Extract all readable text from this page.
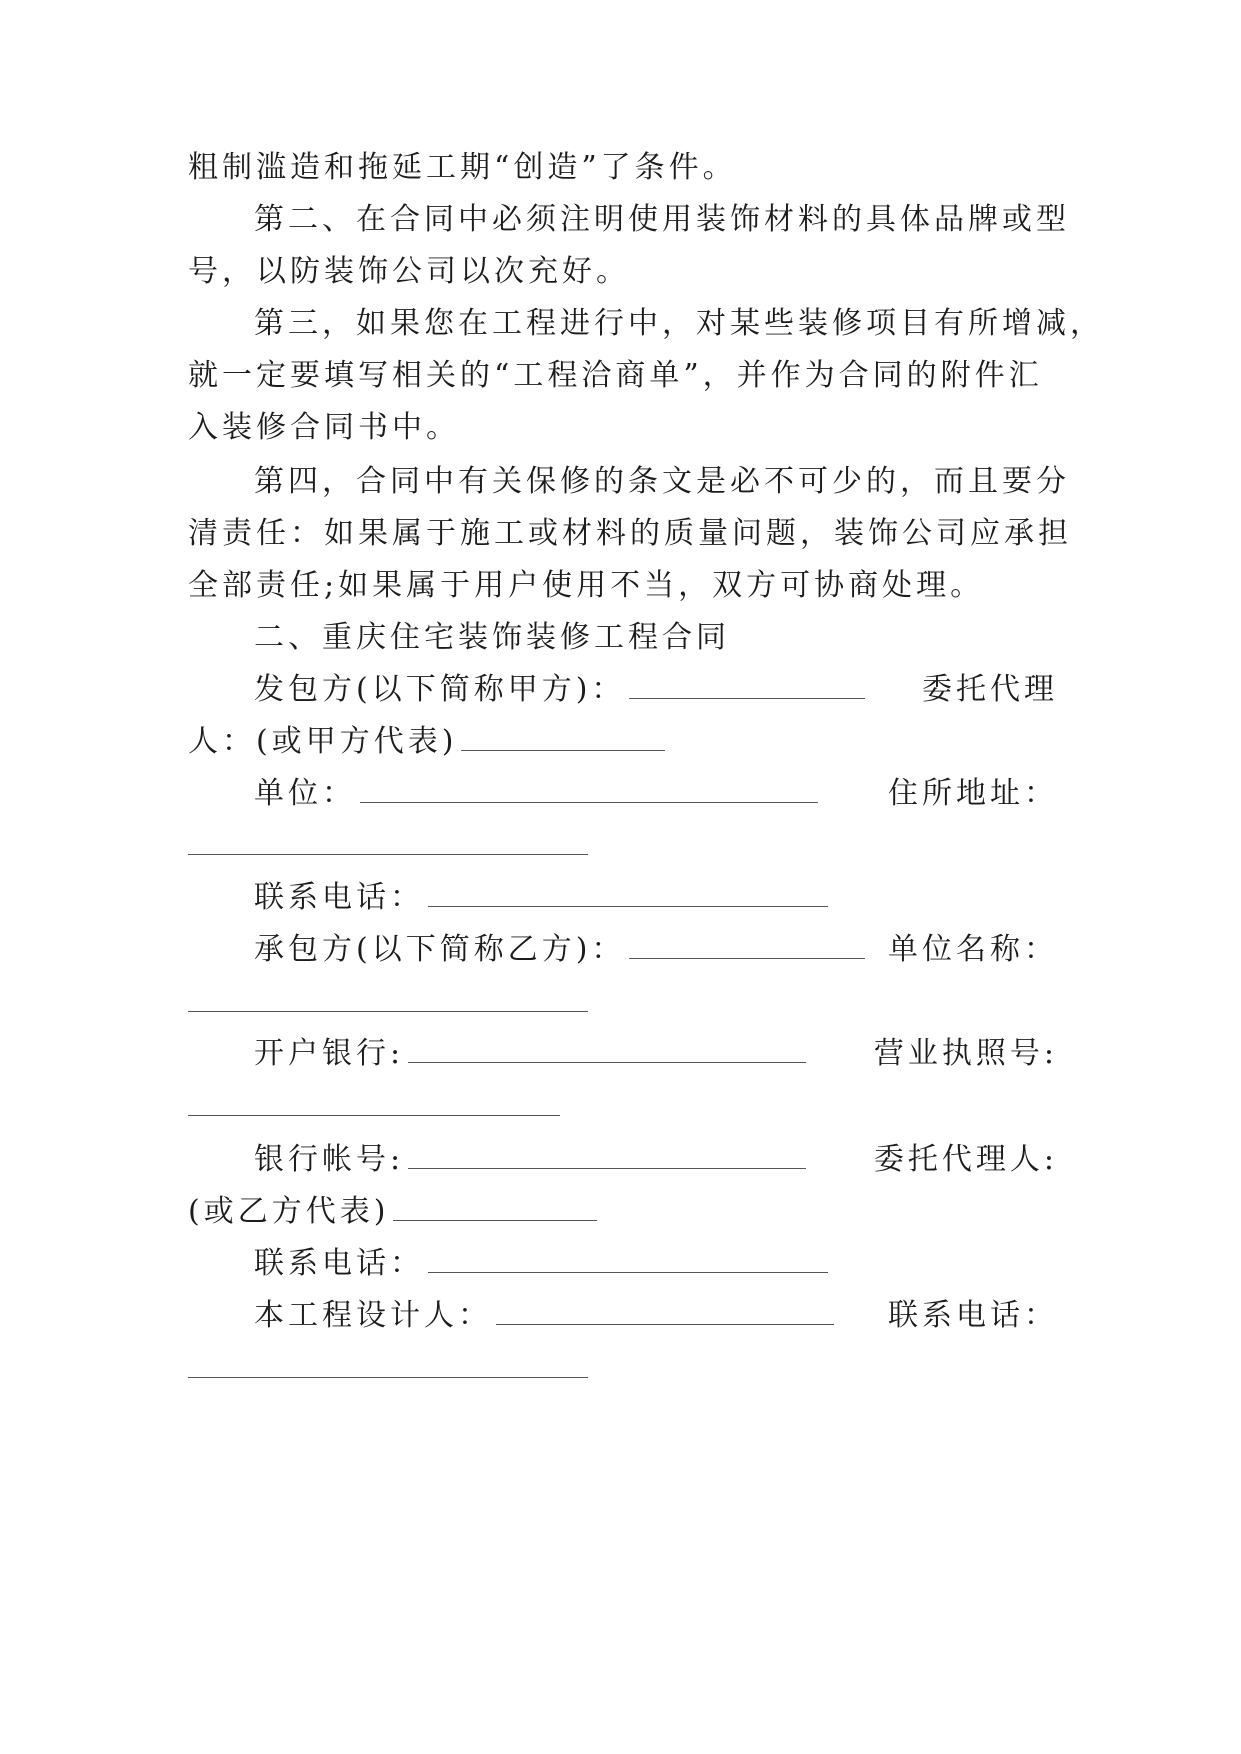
粗制滥造和拖延工期“创造”了条件。
第二、在合同中必须注明使用装饰材料的具体品牌或型
号，以防装饰公司以次充好。
第三，如果您在工程进行中，对某些装修项目有所增减，
就一定要填写相关的“工程洽商单”，并作为合同的附件汇
入装修合同书中。
第四，合同中有关保修的条文是必不可少的，而且要分
清责任：如果属于施工或材料的质量问题，装饰公司应承担
全部责任;如果属于用户使用不当，双方可协商处理。
二、重庆住宅装饰装修工程合同
发包方(以下简称甲方)：	委托代理
人：(或甲方代表)
单位：	住所地址：
联系电话：
承包方(以下简称乙方)：	单位名称：
开户银行:	营业执照号:
银行帐号:	委托代理人:
(或乙方代表)
联系电话：
本工程设计人：	联系电话：
